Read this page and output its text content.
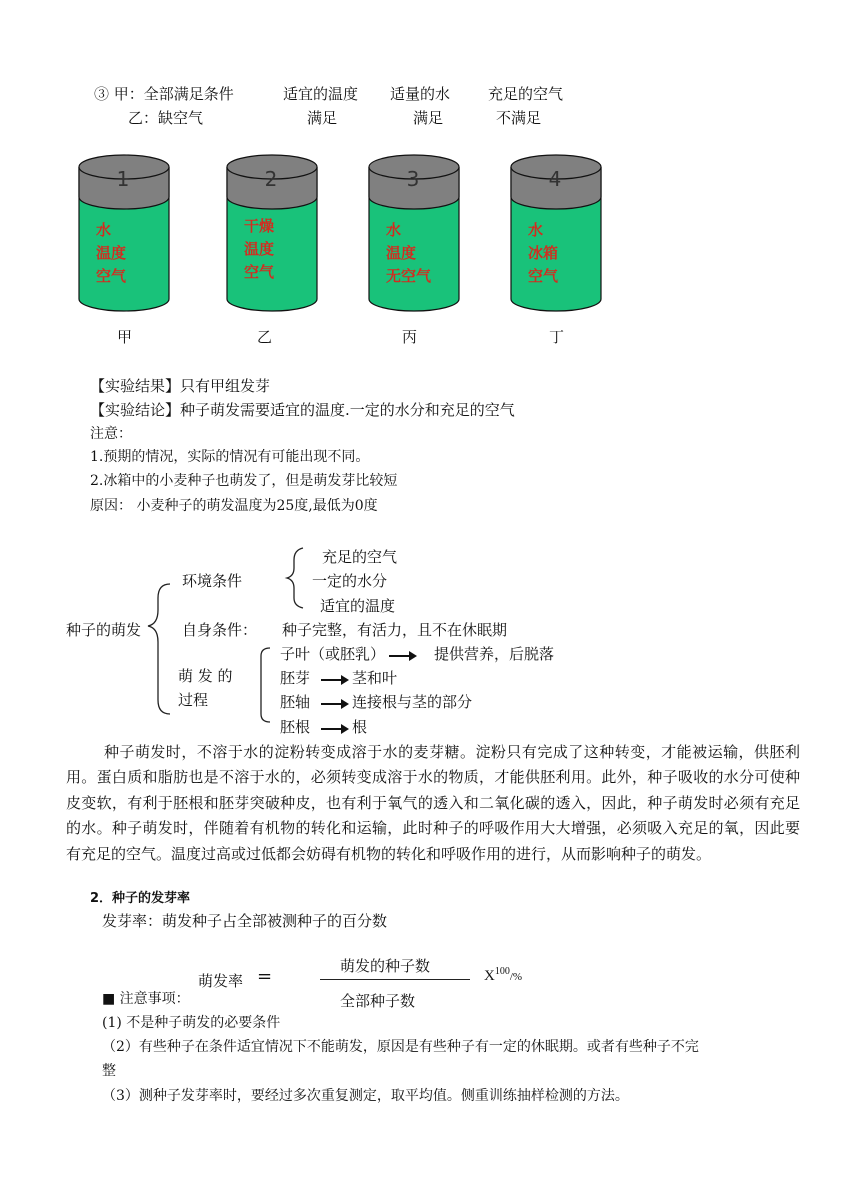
③ 甲：全部满足条件	适宜的温度 适量的水	充足的空气
乙：缺空气	满足	满足	不满足
1
水
温度
空气
甲
2
干燥
温度
空气
乙
3
水
温度
无空气
丙
4
水
冰箱
空气
丁
【实验结果】只有甲组发芽
【实验结论】种子萌发需要适宜的温度.一定的水分和充足的空气
注意：
1.预期的情况，实际的情况有可能出现不同。
2.冰箱中的小麦种子也萌发了，但是萌发芽比较短
原因： 小麦种子的萌发温度为25度,最低为0度
种子的萌发
环境条件
充足的空气
一定的水分
适宜的温度
自身条件： 种子完整，有活力，且不在休眠期
萌 发 的
过程
子叶（或胚乳）	提供营养，后脱落
胚芽	茎和叶
胚轴	连接根与茎的部分
胚根	根
种子萌发时，不溶于水的淀粉转变成溶于水的麦芽糖。淀粉只有完成了这种转变，才能被运输，供胚利用。蛋白质和脂肪也是不溶于水的，必须转变成溶于水的物质，才能供胚利用。此外，种子吸收的水分可使种皮变软，有利于胚根和胚芽突破种皮，也有利于氧气的透入和二氧化碳的透入，因此，种子萌发时必须有充足的水。种子萌发时，伴随着有机物的转化和运输，此时种子的呼吸作用大大增强，必须吸入充足的氧，因此要有充足的空气。温度过高或过低都会妨碍有机物的转化和呼吸作用的进行，从而影响种子的萌发。
2．种子的发芽率
发芽率：萌发种子占全部被测种子的百分数
萌发率 =	萌发的种子数
全部种子数
$X^{100}/\%$
■ 注意事项：
(1) 不是种子萌发的必要条件
（2）有些种子在条件适宜情况下不能萌发，原因是有些种子有一定的休眠期。或者有些种子不完
整
（3）测种子发芽率时，要经过多次重复测定，取平均值。侧重训练抽样检测的方法。
